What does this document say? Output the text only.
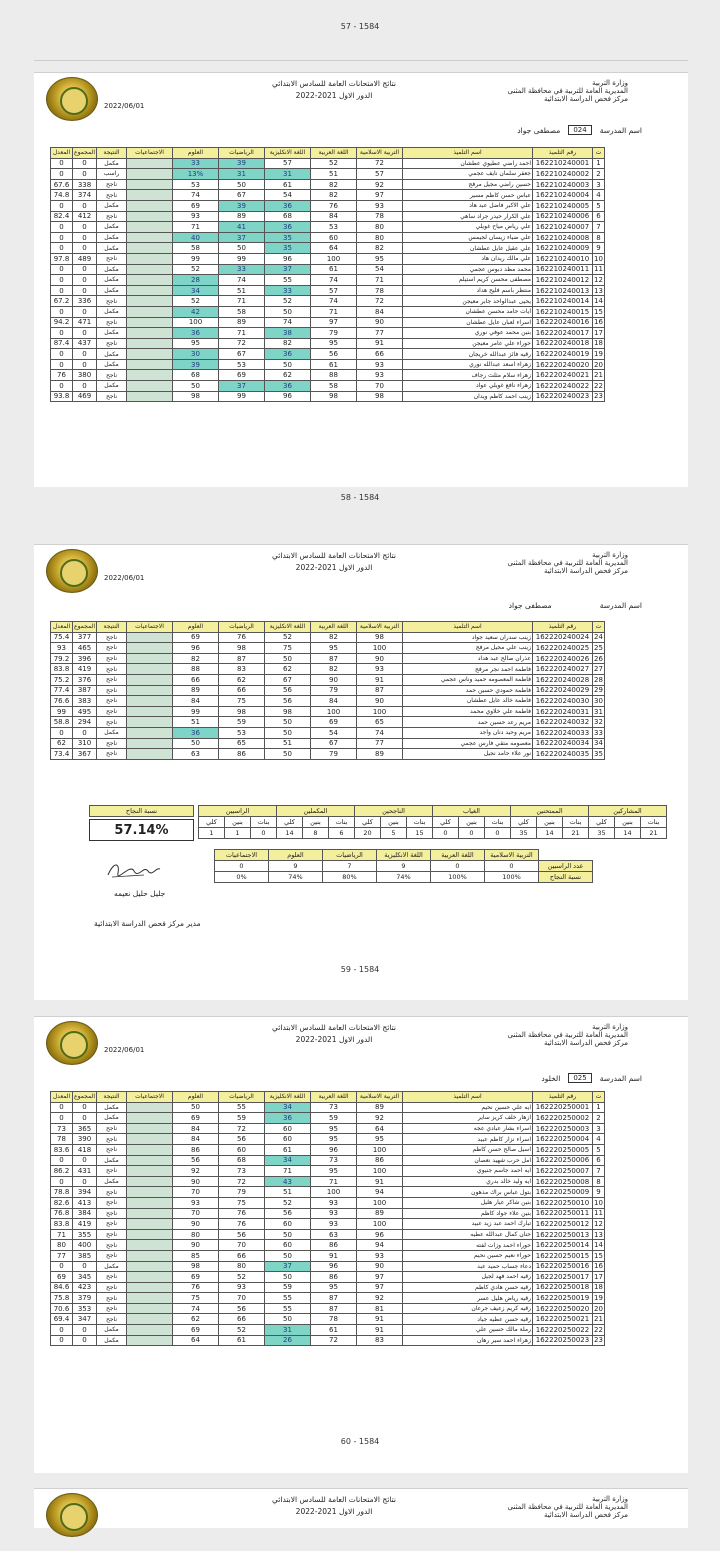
57 - 1584
2022/06/01
نتائج الامتحانات العامة للسادس الابتدائي
2022-2021 الدور الاول
وزارة التربية
المديرية العامة للتربية في محافظة المثنى
مركز فحص الدراسة الابتدائية
اسم المدرسة
024
مصطفى جواد
ت	رقم التلميذ	اسم التلميذ	التربية الاسلامية	اللغة العربية	اللغة الانكليزية	الرياضيات	العلوم	الاجتماعيات	النتيجة	المجموع	المعدل
1	162210240001	احمد راضي عطيوي عطشان	72	52	57	39	33		مكمل	0	0
2	162210240002	جعفر سلمان نايف عجمي	57	51	31	31	13%		راسب	0	0
3	162210240003	حسين راضي مجيل مرفج	92	82	61	50	53		ناجح	338	67.6
4	162210240004	عباس حسن كاظم مسير	97	82	54	67	74		ناجح	374	74.8
5	162210240005	علي الاكبر فاضل عبد هاد	93	76	36	39	69		مكمل	0	0
6	162210240006	علي الكرار حيدر جراد ساهي	78	84	68	89	93		ناجح	412	82.4
7	162210240007	علي رياض مياح غويلي	80	53	36	41	71		مكمل	0	0
8	162210240008	علي ضياء زيسان لجيمس	80	60	35	37	40		مكمل	0	0
9	162210240009	علي عقيل عايل عطشان	82	64	35	50	58		مكمل	0	0
10	162210240010	علي مالك ريدان هاد	95	100	96	99	99		ناجح	489	97.8
11	162210240011	محمد مظد دبوس عجمي	54	61	37	33	52		مكمل	0	0
12	162210240012	مصطفى محسن كريم استيلم	71	74	55	74	28		مكمل	0	0
13	162210240013	منتظر باسم فليح هداد	78	57	33	51	34		مكمل	0	0
14	162210240014	يحيى عبدالواحد جابر معيجن	72	74	52	71	52		ناجح	336	67.2
15	162210240015	ايات حامد محسن عطشان	84	71	50	58	42		مكمل	0	0
16	162220240016	اسراء لعبان عايل عطشان	90	97	74	89	100		ناجح	471	94.2
17	162220240017	بنين محمد عوفي نوري	77	79	38	71	36		مكمل	0	0
18	162220240018	حوراء علي عامر معيجن	91	95	82	72	95		ناجح	437	87.4
19	162220240019	رقيه فائز عبدالله خريجان	66	56	36	67	30		مكمل	0	0
20	162220240020	زهراء اسعد عبدالله نوري	93	61	50	53	39		مكمل	0	0
21	162220240021	زهراء سلام مثلث رجاف	93	88	62	69	68		ناجح	380	76
22	162220240022	زهراء نافع غويلي عواد	70	58	36	37	50		مكمل	0	0
23	162220240023	زينب احمد كاظم ويدان	98	98	96	99	98		ناجح	469	93.8
58 - 1584
2022/06/01
نتائج الامتحانات العامة للسادس الابتدائي
2022-2021 الدور الاول
وزارة التربية
المديرية العامة للتربية في محافظة المثنى
مركز فحص الدراسة الابتدائية
اسم المدرسة
مصطفى جواد
ت	رقم التلميذ	اسم التلميذ	التربية الاسلامية	اللغة العربية	اللغة الانكليزية	الرياضيات	العلوم	الاجتماعيات	النتيجة	المجموع	المعدل
24	162220240024	زينب سدران سعيد جواد	98	82	52	76	69		ناجح	377	75.4
25	162220240025	زينب علي مجيل مرفج	100	95	75	98	96		ناجح	465	93
26	162220240026	عذران صالح عبد هداد	90	87	50	87	82		ناجح	396	79.2
27	162220240027	فاطمة احمد نجر مرفج	93	82	62	83	88		ناجح	419	83.8
28	162220240028	فاطمة المعصومه حميد وناس عجمي	91	90	67	62	66		ناجح	376	75.2
29	162220240029	فاطمة حمودي حسين حمد	87	79	56	66	89		ناجح	387	77.4
30	162220240030	فاطمة خالد عايل عطشان	90	84	56	75	84		ناجح	383	76.6
31	162220240031	فاطمة علي خلاوي محمد	100	100	98	98	99		ناجح	495	99
32	162220240032	مريم رعد حسين حمد	65	69	50	59	51		ناجح	294	58.8
33	162220240033	مريم وحيد دنان واجد	74	54	50	53	36		مكمل	0	0
34	162220240034	معصومه متقي فارس عجمي	77	67	51	65	50		ناجح	310	62
35	162220240035	نور علاء حامد نجيل	89	79	50	86	63		ناجح	367	73.4
نسبة النجاح
57.14%
الراسبين			المكملين			الناجحين			الغياب			الممتحنين			المشاركين		
كلي	بنين	بنات	كلي	بنين	بنات	كلي	بنين	بنات	كلي	بنين	بنات	كلي	بنين	بنات	كلي	بنين	بنات
1	1	0	14	8	6	20	5	15	0	0	0	35	14	21	35	14	21
	التربية الاسلامية	اللغة العربية	اللغة الانكليزية	الرياضيات	العلوم	الاجتماعيات
عدد الراسبين	0	0	9	7	9	0
نسبة النجاح	100%	100%	74%	80%	74%	0%
جليل حليل نعيمه
مدير مركز فحص الدراسة الابتدائية
59 - 1584
2022/06/01
نتائج الامتحانات العامة للسادس الابتدائي
2022-2021 الدور الاول
وزارة التربية
المديرية العامة للتربية في محافظة المثنى
مركز فحص الدراسة الابتدائية
اسم المدرسة
025
الخلود
ت	رقم التلميذ	اسم التلميذ	التربية الاسلامية	اللغة العربية	اللغة الانكليزية	الرياضيات	العلوم	الاجتماعيات	النتيجة	المجموع	المعدل
1	162220250001	ايه علي حسين نحيم	89	73	34	55	50		مكمل	0	0
2	162220250002	ازهار خلف كريز ساير	92	59	36	59	69		مكمل	0	0
3	162220250003	اسراء بشار عبادي عجه	64	95	60	72	84		ناجح	365	73
4	162220250004	اسراء نزار كاظم عبيد	95	95	60	56	84		ناجح	390	78
5	162220250005	اسيل صالح حسن كاظم	100	96	61	60	86		ناجح	418	83.6
6	162220250006	امل حرب شهيد نعصان	86	73	34	68	56		مكمل	0	0
7	162220250007	ايه احمد جاسم جنيوي	100	95	71	73	92		ناجح	431	86.2
8	162220250008	ايه وليد خالد بدري	91	71	43	72	90		مكمل	0	0
9	162220250009	بتول عباس براك مذهون	94	100	51	79	70		ناجح	394	78.8
10	162220250010	بنين شاكر عيار هليل	100	93	52	75	93		ناجح	413	82.6
11	162220250011	بنين علاء جواد كاظم	89	93	56	76	70		ناجح	384	76.8
12	162220250012	تبارك احمد عبد زيد عبيد	100	93	60	76	90		ناجح	419	83.8
13	162220250013	حنان كمال عبدالله عطيه	96	63	50	56	80		ناجح	355	71
14	162220250014	حوراء احمد وزات لفته	94	86	60	70	90		ناجح	400	80
15	162220250015	حوراء نعيم حسين نحيم	93	91	50	66	85		ناجح	385	77
16	162220250016	دعاء جساب حميد عبد	90	96	37	80	98		مكمل	0	0
17	162220250017	رقيه احمد فهد لجيل	97	86	50	52	69		ناجح	345	69
18	162220250018	رقيه حسن هادي كاظم	97	95	59	93	76		ناجح	423	84.6
19	162220250019	رقيه رياض هليل عسر	92	87	55	70	75		ناجح	379	75.8
20	162220250020	رقيه كريم زعيف جرعان	81	87	55	56	74		ناجح	353	70.6
21	162220250021	رقيه حسن عطيه جياد	91	78	50	66	62		ناجح	347	69.4
22	162220250022	رملة مالك حسين علي	91	61	31	52	69		مكمل	0	0
23	162220250023	زهراء احمد سير رهان	83	72	26	61	64		مكمل	0	0
60 - 1584
نتائج الامتحانات العامة للسادس الابتدائي
2022-2021 الدور الاول
وزارة التربية
المديرية العامة للتربية في محافظة المثنى
مركز فحص الدراسة الابتدائية
